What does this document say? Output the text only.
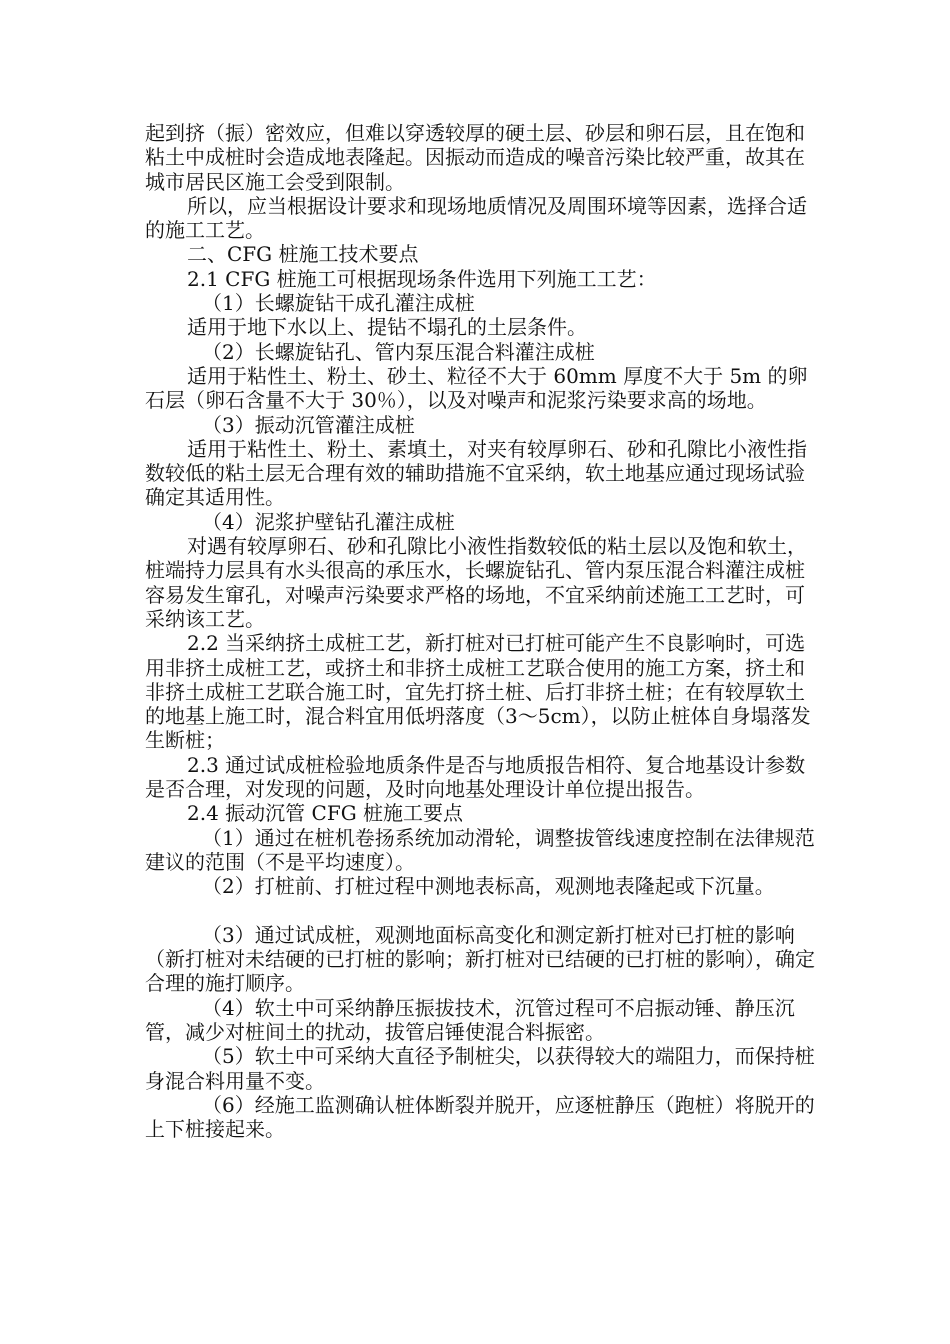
起到挤（振）密效应，但难以穿透较厚的硬土层、砂层和卵石层，且在饱和粘土中成桩时会造成地表隆起。因振动而造成的噪音污染比较严重，故其在城市居民区施工会受到限制。

所以，应当根据设计要求和现场地质情况及周围环境等因素，选择合适的施工工艺。

二、CFG 桩施工技术要点

2.1 CFG 桩施工可根据现场条件选用下列施工工艺：

（1）长螺旋钻干成孔灌注成桩

适用于地下水以上、提钻不塌孔的土层条件。

（2）长螺旋钻孔、管内泵压混合料灌注成桩

适用于粘性土、粉土、砂土、粒径不大于 60mm 厚度不大于 5m 的卵石层（卵石含量不大于 30％），以及对噪声和泥浆污染要求高的场地。

（3）振动沉管灌注成桩

适用于粘性土、粉土、素填土，对夹有较厚卵石、砂和孔隙比小液性指数较低的粘土层无合理有效的辅助措施不宜采纳，软土地基应通过现场试验确定其适用性。

（4）泥浆护壁钻孔灌注成桩

对遇有较厚卵石、砂和孔隙比小液性指数较低的粘土层以及饱和软土，桩端持力层具有水头很高的承压水，长螺旋钻孔、管内泵压混合料灌注成桩容易发生窜孔，对噪声污染要求严格的场地，不宜采纳前述施工工艺时，可采纳该工艺。

2.2 当采纳挤土成桩工艺，新打桩对已打桩可能产生不良影响时，可选用非挤土成桩工艺，或挤土和非挤土成桩工艺联合使用的施工方案，挤土和非挤土成桩工艺联合施工时，宜先打挤土桩、后打非挤土桩；在有较厚软土的地基上施工时，混合料宜用低坍落度（3～5cm），以防止桩体自身塌落发生断桩；

2.3 通过试成桩检验地质条件是否与地质报告相符、复合地基设计参数是否合理，对发现的问题，及时向地基处理设计单位提出报告。

2.4 振动沉管 CFG 桩施工要点

（1）通过在桩机卷扬系统加动滑轮，调整拔管线速度控制在法律规范建议的范围（不是平均速度）。

（2）打桩前、打桩过程中测地表标高，观测地表隆起或下沉量。

（3）通过试成桩，观测地面标高变化和测定新打桩对已打桩的影响（新打桩对未结硬的已打桩的影响；新打桩对已结硬的已打桩的影响），确定合理的施打顺序。

（4）软土中可采纳静压振拔技术，沉管过程可不启振动锤、静压沉管，减少对桩间土的扰动，拔管启锤使混合料振密。

（5）软土中可采纳大直径予制桩尖，以获得较大的端阻力，而保持桩身混合料用量不变。

（6）经施工监测确认桩体断裂并脱开，应逐桩静压（跑桩）将脱开的上下桩接起来。
